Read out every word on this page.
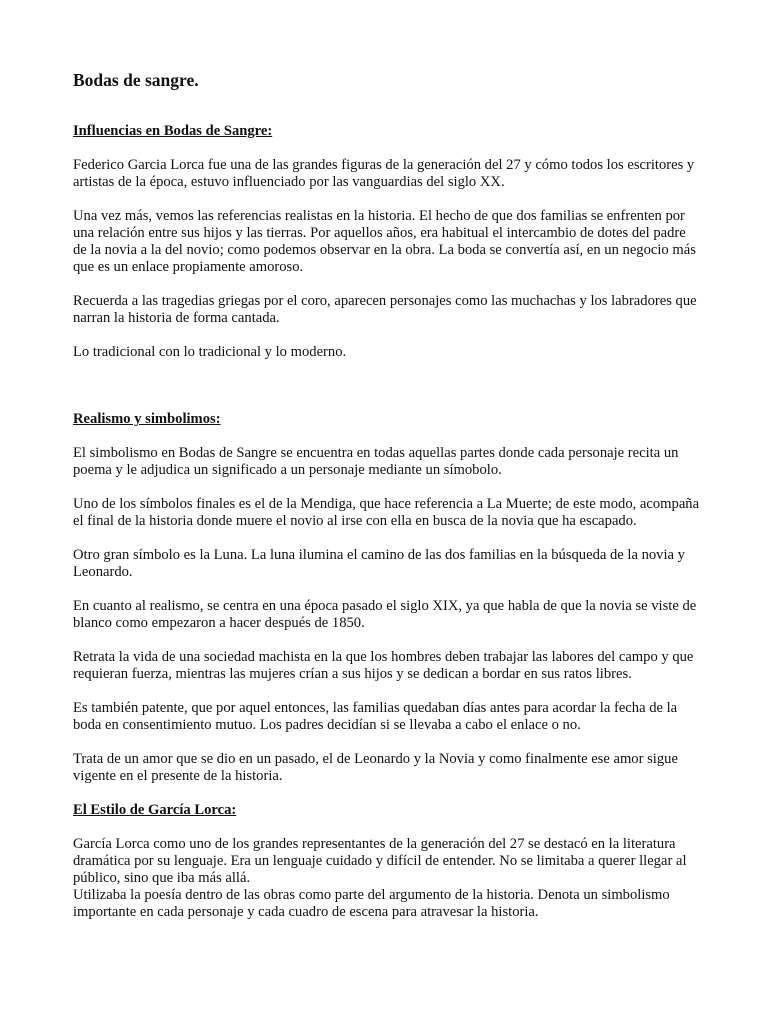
Bodas de sangre.

Influencias en Bodas de Sangre:

Federico Garcia Lorca fue una de las grandes figuras de la generación del 27 y cómo todos los escritores y artistas de la época, estuvo influenciado por las vanguardias del siglo XX.

Una vez más, vemos las referencias realistas en la historia. El hecho de que dos familias se enfrenten por una relación entre sus hijos y las tierras. Por aquellos años, era habitual el intercambio de dotes del padre de la novia a la del novio; como podemos observar en la obra. La boda se convertía así, en un negocio más que es un enlace propiamente amoroso.

Recuerda a las tragedias griegas por el coro, aparecen personajes como las muchachas y los labradores que narran la historia de forma cantada.

Lo tradicional con lo tradicional y lo moderno.

Realismo y simbolimos:

El simbolismo en Bodas de Sangre se encuentra en todas aquellas partes donde cada personaje recita un poema y le adjudica un significado a un personaje mediante un símobolo.

Uno de los símbolos finales es el de la Mendiga, que hace referencia a La Muerte; de este modo, acompaña el final de la historia donde muere el novio al irse con ella en busca de la novia que ha escapado.

Otro gran símbolo es la Luna. La luna ilumina el camino de las dos familias en la búsqueda de la novia y Leonardo.

En cuanto al realismo, se centra en una época pasado el siglo XIX, ya que habla de que la novia se viste de blanco como empezaron a hacer después de 1850.

Retrata la vida de una sociedad machista en la que los hombres deben trabajar las labores del campo y que requieran fuerza, mientras las mujeres crían a sus hijos y se dedican a bordar en sus ratos libres.

Es también patente, que por aquel entonces, las familias quedaban días antes para acordar la fecha de la boda en consentimiento mutuo. Los padres decidían si se llevaba a cabo el enlace o no.

Trata de un amor que se dio en un pasado, el de Leonardo y la Novia y como finalmente ese amor sigue vigente en el presente de la historia.

El Estilo de García Lorca:

García Lorca como uno de los grandes representantes de la generación del 27 se destacó en la literatura dramática por su lenguaje. Era un lenguaje cuidado y difícil de entender. No se limitaba a querer llegar al público, sino que iba más allá.

Utilizaba la poesía dentro de las obras como parte del argumento de la historia. Denota un simbolismo importante en cada personaje y cada cuadro de escena para atravesar la historia.
